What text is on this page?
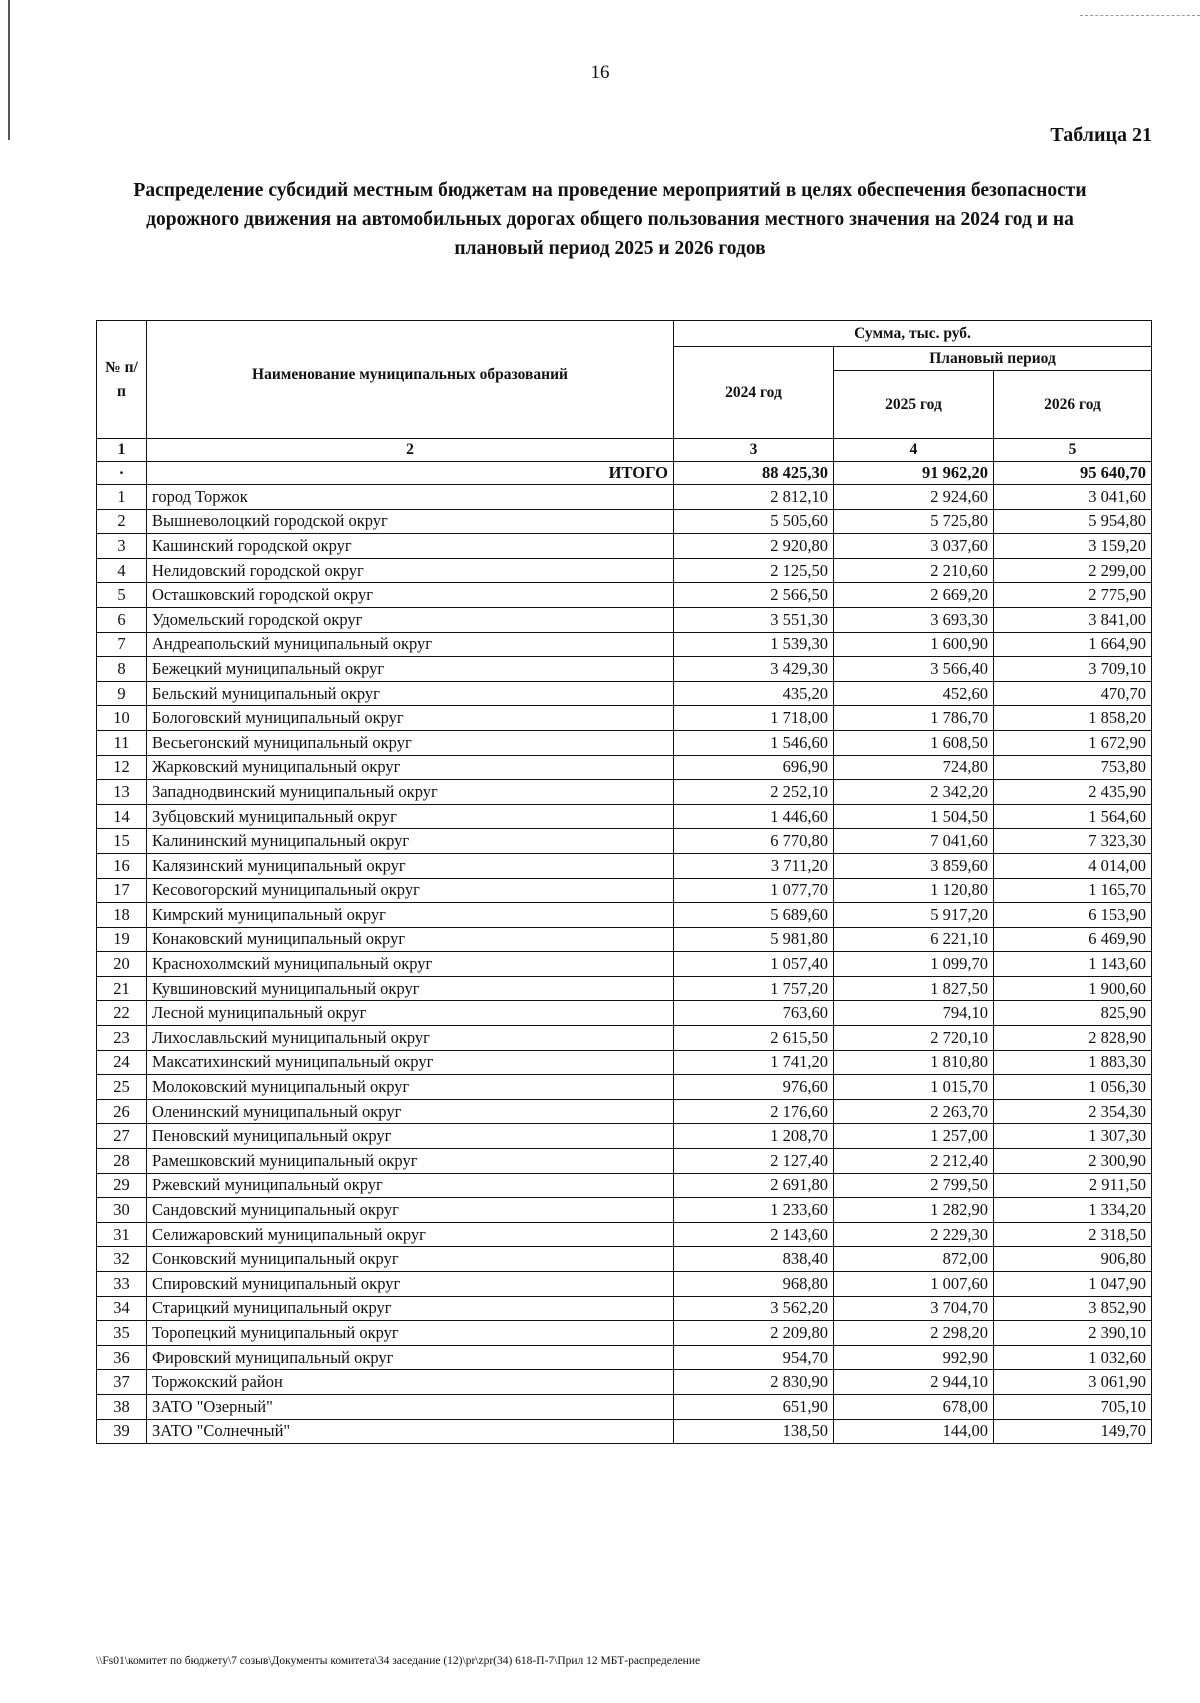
16
Таблица 21
Распределение субсидий местным бюджетам на проведение мероприятий в целях обеспечения безопасности дорожного движения на автомобильных дорогах общего пользования местного значения на 2024 год и на плановый период 2025 и 2026 годов
№ п/п	Наименование муниципальных образований	Сумма, тыс. руб.		
		2024 год	Плановый период	
			2025 год	2026 год
1	2	3	4	5
·	ИТОГО	88 425,30	91 962,20	95 640,70
1	город Торжок	2 812,10	2 924,60	3 041,60
2	Вышневолоцкий городской округ	5 505,60	5 725,80	5 954,80
3	Кашинский городской округ	2 920,80	3 037,60	3 159,20
4	Нелидовский городской округ	2 125,50	2 210,60	2 299,00
5	Осташковский городской округ	2 566,50	2 669,20	2 775,90
6	Удомельский городской округ	3 551,30	3 693,30	3 841,00
7	Андреапольский муниципальный округ	1 539,30	1 600,90	1 664,90
8	Бежецкий муниципальный округ	3 429,30	3 566,40	3 709,10
9	Бельский муниципальный округ	435,20	452,60	470,70
10	Бологовский муниципальный округ	1 718,00	1 786,70	1 858,20
11	Весьегонский муниципальный округ	1 546,60	1 608,50	1 672,90
12	Жарковский муниципальный округ	696,90	724,80	753,80
13	Западнодвинский муниципальный округ	2 252,10	2 342,20	2 435,90
14	Зубцовский муниципальный округ	1 446,60	1 504,50	1 564,60
15	Калининский муниципальный округ	6 770,80	7 041,60	7 323,30
16	Калязинский муниципальный округ	3 711,20	3 859,60	4 014,00
17	Кесовогорский муниципальный округ	1 077,70	1 120,80	1 165,70
18	Кимрский муниципальный округ	5 689,60	5 917,20	6 153,90
19	Конаковский муниципальный округ	5 981,80	6 221,10	6 469,90
20	Краснохолмский муниципальный округ	1 057,40	1 099,70	1 143,60
21	Кувшиновский муниципальный округ	1 757,20	1 827,50	1 900,60
22	Лесной муниципальный округ	763,60	794,10	825,90
23	Лихославльский муниципальный округ	2 615,50	2 720,10	2 828,90
24	Максатихинский муниципальный округ	1 741,20	1 810,80	1 883,30
25	Молоковский муниципальный округ	976,60	1 015,70	1 056,30
26	Оленинский муниципальный округ	2 176,60	2 263,70	2 354,30
27	Пеновский муниципальный округ	1 208,70	1 257,00	1 307,30
28	Рамешковский муниципальный округ	2 127,40	2 212,40	2 300,90
29	Ржевский муниципальный округ	2 691,80	2 799,50	2 911,50
30	Сандовский муниципальный округ	1 233,60	1 282,90	1 334,20
31	Селижаровский муниципальный округ	2 143,60	2 229,30	2 318,50
32	Сонковский муниципальный округ	838,40	872,00	906,80
33	Спировский муниципальный округ	968,80	1 007,60	1 047,90
34	Старицкий муниципальный округ	3 562,20	3 704,70	3 852,90
35	Торопецкий муниципальный округ	2 209,80	2 298,20	2 390,10
36	Фировский муниципальный округ	954,70	992,90	1 032,60
37	Торжокский район	2 830,90	2 944,10	3 061,90
38	ЗАТО "Озерный"	651,90	678,00	705,10
39	ЗАТО "Солнечный"	138,50	144,00	149,70
\\Fs01\комитет по бюджету\7 созыв\Документы комитета\34 заседание (12)\pr\zpr(34) 618-П-7\Прил 12 МБТ-распределение
